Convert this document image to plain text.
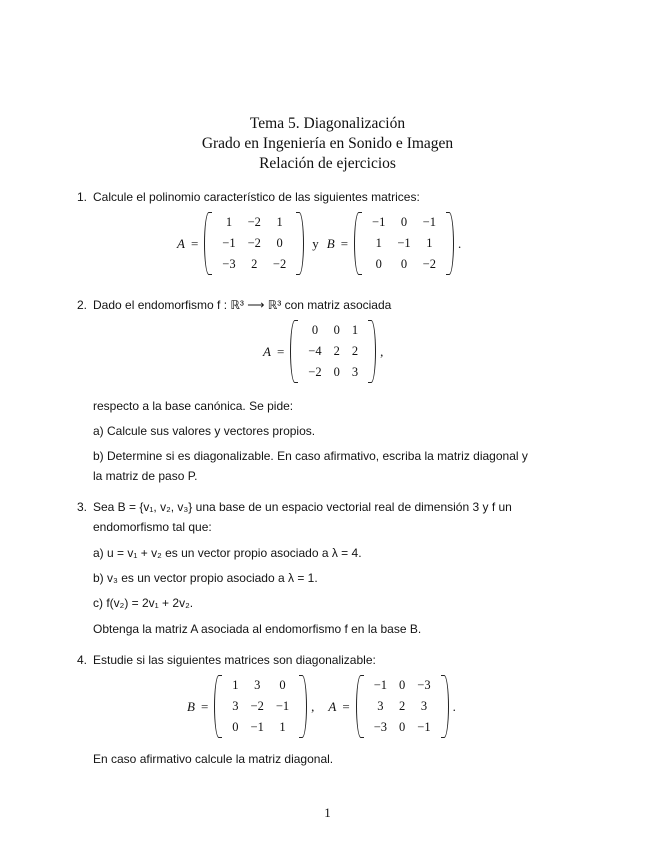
Tema 5. Diagonalización
Grado en Ingeniería en Sonido e Imagen
Relación de ejercicios
1. Calcule el polinomio característico de las siguientes matrices:
A =
1	−2	1
−1	−2	0
−3	2	−2
y B =
−1	0	−1
1	−1	1
0	0	−2
.
2. Dado el endomorfismo f : ℝ³ ⟶ ℝ³ con matriz asociada
A =
0	0	1
−4	2	2
−2	0	3
,
respecto a la base canónica. Se pide:
a) Calcule sus valores y vectores propios.
b) Determine si es diagonalizable. En caso afirmativo, escriba la matriz diagonal y
la matriz de paso P.
3. Sea B = {v₁, v₂, v₃} una base de un espacio vectorial real de dimensión 3 y f un
endomorfismo tal que:
a) u = v₁ + v₂ es un vector propio asociado a λ = 4.
b) v₃ es un vector propio asociado a λ = 1.
c) f(v₂) = 2v₁ + 2v₂.
Obtenga la matriz A asociada al endomorfismo f en la base B.
4. Estudie si las siguientes matrices son diagonalizable:
B =
1	3	0
3	−2	−1
0	−1	1
, A =
−1	0	−3
3	2	3
−3	0	−1
.
En caso afirmativo calcule la matriz diagonal.
1
